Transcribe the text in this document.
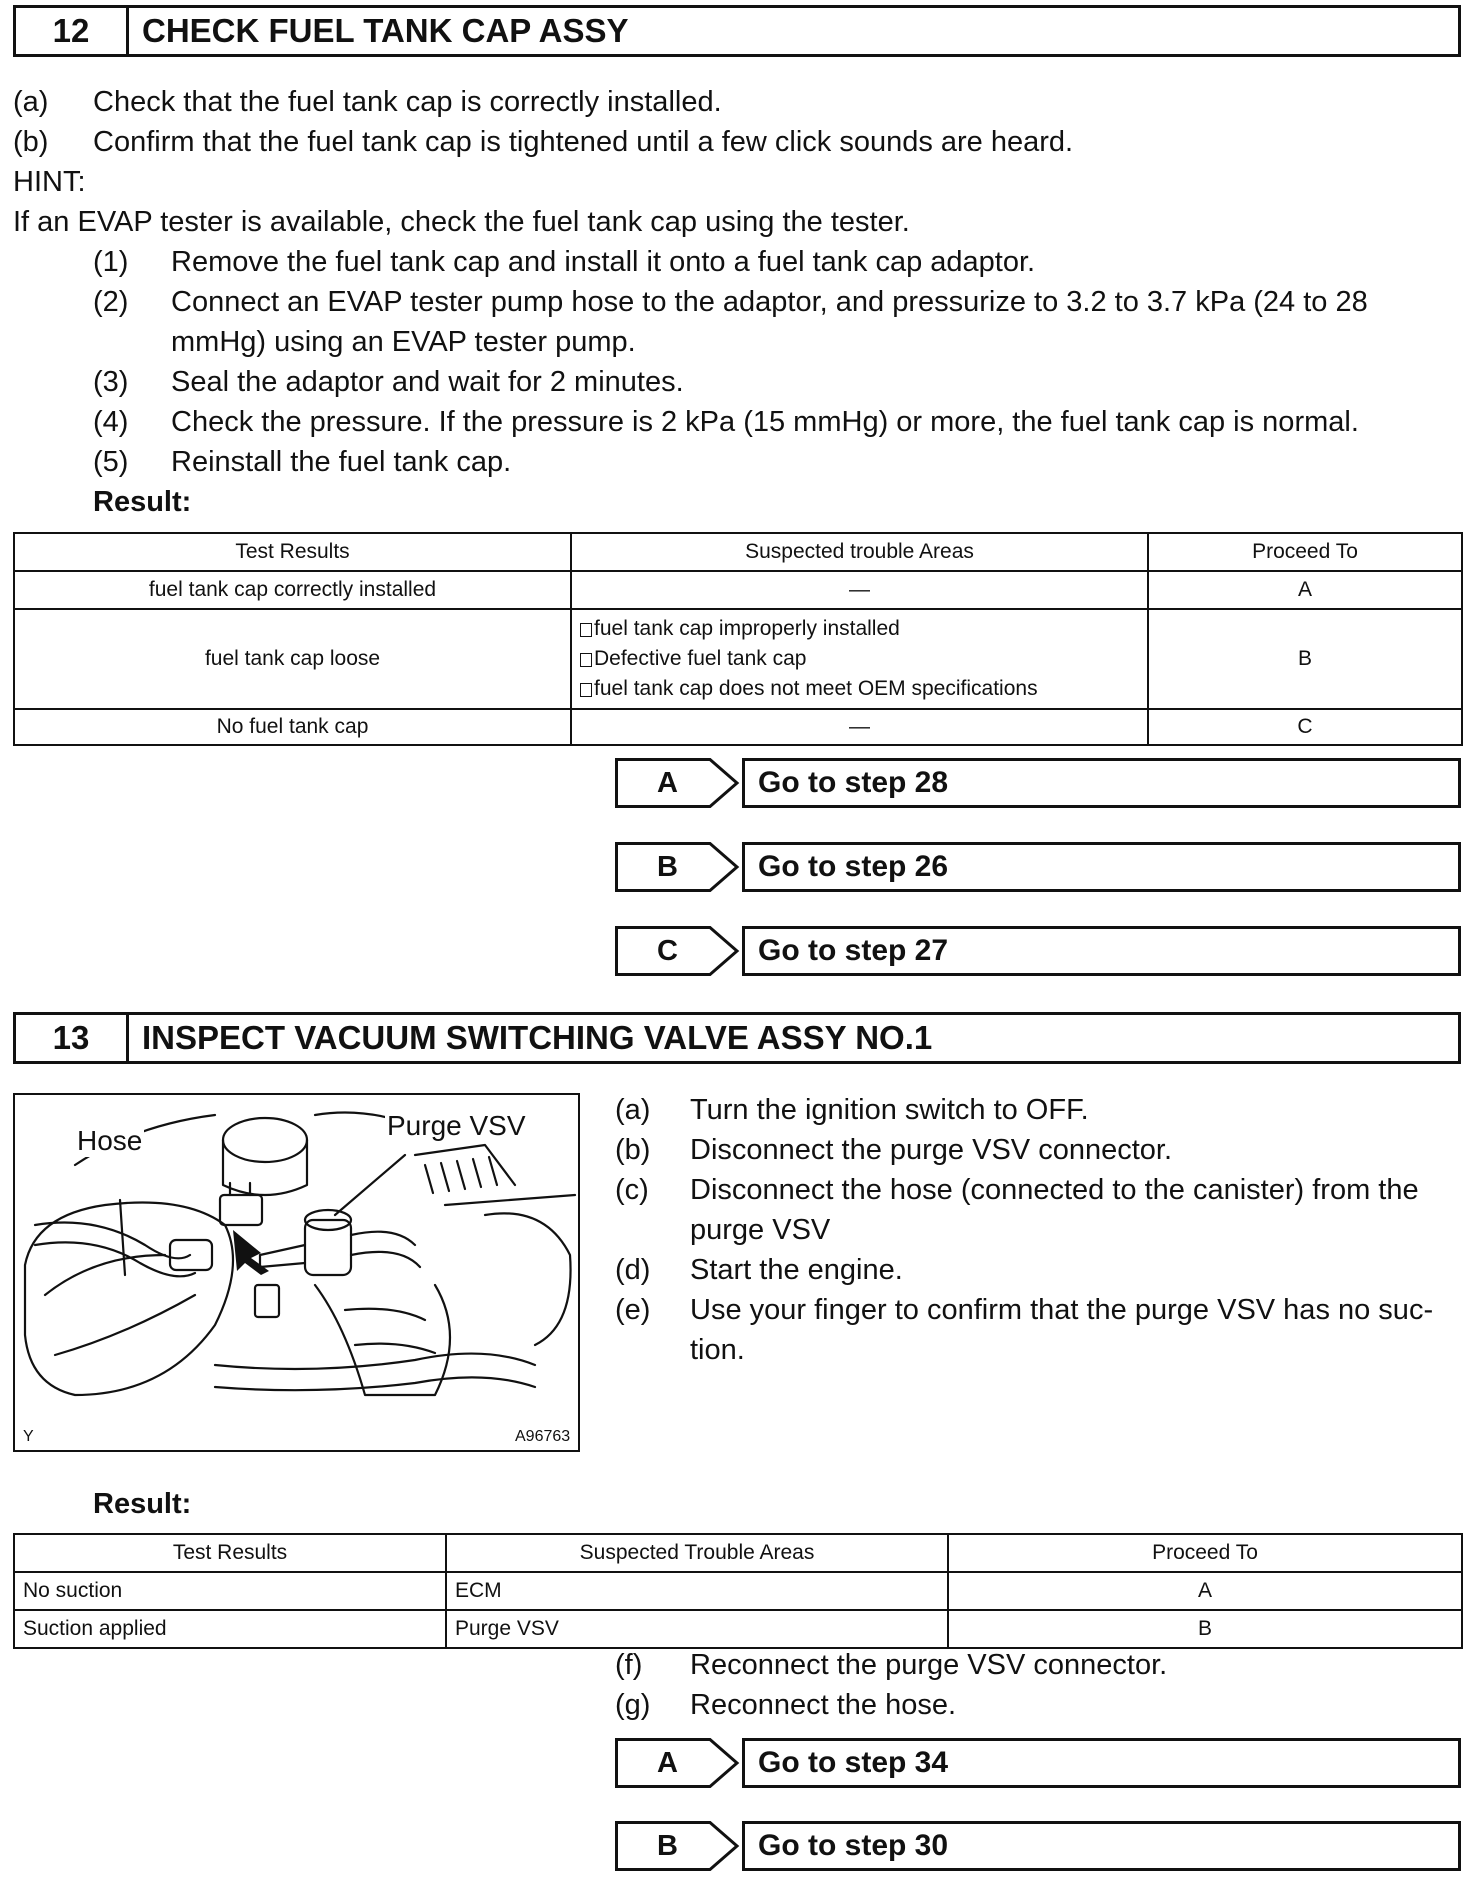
12	CHECK FUEL TANK CAP ASSY
(a) Check that the fuel tank cap is correctly installed.
(b) Confirm that the fuel tank cap is tightened until a few click sounds are heard.
HINT:
If an EVAP tester is available, check the fuel tank cap using the tester.
(1) Remove the fuel tank cap and install it onto a fuel tank cap adaptor.
(2) Connect an EVAP tester pump hose to the adaptor, and pressurize to 3.2 to 3.7 kPa (24 to 28
mmHg) using an EVAP tester pump.
(3) Seal the adaptor and wait for 2 minutes.
(4) Check the pressure. If the pressure is 2 kPa (15 mmHg) or more, the fuel tank cap is normal.
(5) Reinstall the fuel tank cap.
Result:
Test Results	Suspected trouble Areas	Proceed To
fuel tank cap correctly installed	—	A
fuel tank cap loose	fuel tank cap improperly installed
Defective fuel tank cap
fuel tank cap does not meet OEM specifications	B
No fuel tank cap	—	C
A	Go to step 28
B	Go to step 26
C	Go to step 27
13	INSPECT VACUUM SWITCHING VALVE ASSY NO.1
Hose	Purge VSV
Y	A96763
(a) Turn the ignition switch to OFF.
(b) Disconnect the purge VSV connector.
(c) Disconnect the hose (connected to the canister) from the
purge VSV
(d) Start the engine.
(e) Use your finger to confirm that the purge VSV has no suc-
tion.
Result:
Test Results	Suspected Trouble Areas	Proceed To
No suction	ECM	A
Suction applied	Purge VSV	B
(f) Reconnect the purge VSV connector.
(g) Reconnect the hose.
A	Go to step 34
B	Go to step 30
